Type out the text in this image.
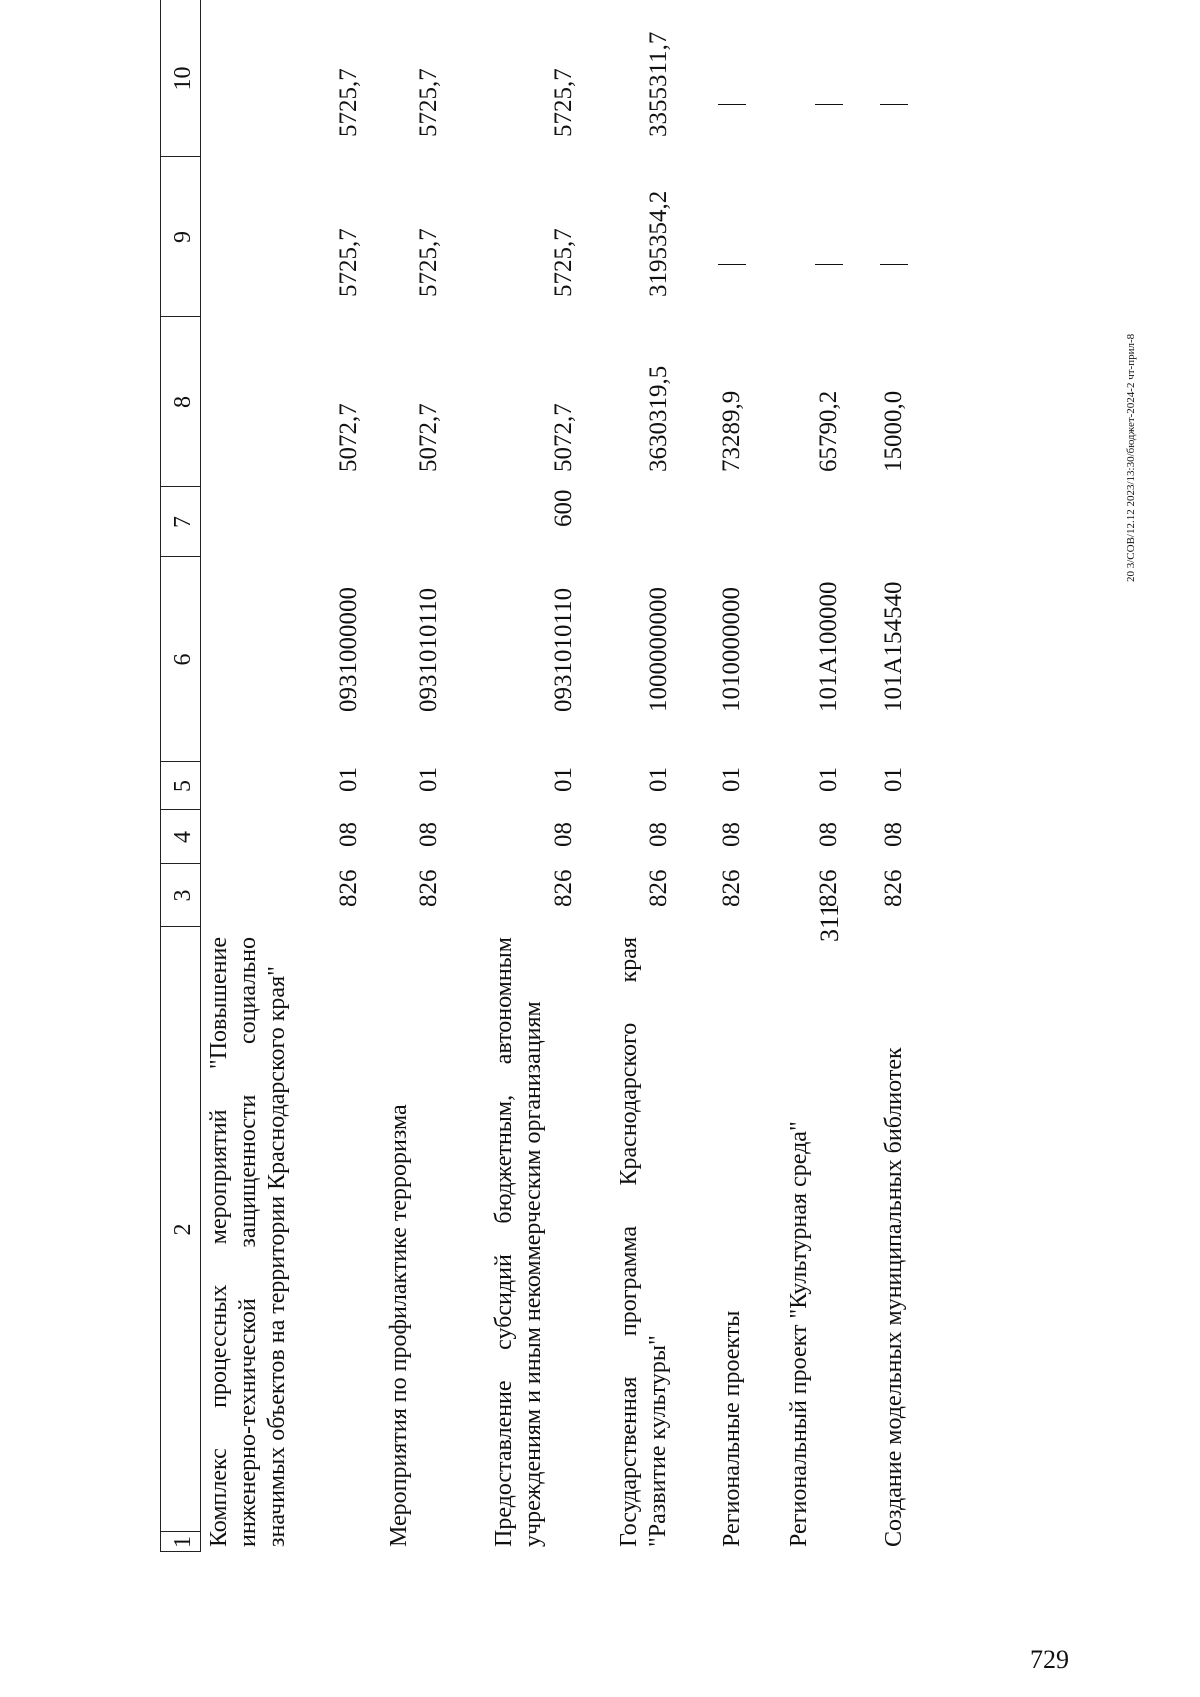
311
1
2
3
4
5
6
7
8
9
10
Комплекс процессных мероприятий "Повышение инженерно-технической защищенности социально значимых объектов на территории Краснодарского края"
826
08
01
0931000000
5072,7
5725,7
5725,7
Мероприятия по профилактике терроризма
826
08
01
0931010110
5072,7
5725,7
5725,7
Предоставление субсидий бюджетным, автономным учреждениям и иным некоммерческим организациям
826
08
01
0931010110
600
5072,7
5725,7
5725,7
Государственная программа Краснодарского края "Развитие культуры"
826
08
01
1000000000
3630319,5
3195354,2
3355311,7
Региональные проекты
826
08
01
1010000000
73289,9
Региональный проект "Культурная среда"
826
08
01
101A100000
65790,2
Создание модельных муниципальных библиотек
826
08
01
101A154540
15000,0	20 3/СОВ/12.12 2023/13:30/бюджет-2024-2 чт-прил-8
729
